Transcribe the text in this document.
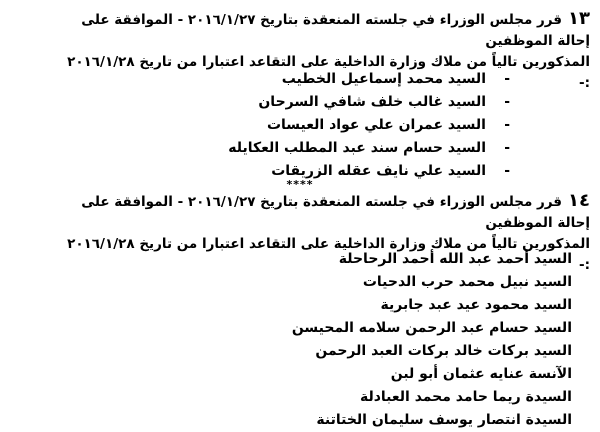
١٣قرر مجلس الوزراء في جلسته المنعقدة بتاريخ ٢٠١٦/١/٢٧ - الموافقة على إحالة الموظفين
المذكورين تالياً من ملاك وزارة الداخلية على التقاعد اعتبارا من تاريخ ٢٠١٦/١/٢٨ :-
-السيد محمد إسماعيل الخطيب
-السيد غالب خلف شافي السرحان
-السيد عمران علي عواد العيسات
-السيد حسام سند عبد المطلب العكايله
-السيد علي نايف عقله الزريقات
****
١٤قرر مجلس الوزراء في جلسته المنعقدة بتاريخ ٢٠١٦/١/٢٧ - الموافقة على إحالة الموظفين
المذكورين تالياً من ملاك وزارة الداخلية على التقاعد اعتبارا من تاريخ ٢٠١٦/١/٢٨ :-
السيد أحمد عبد الله أحمد الرحاحلة
السيد نبيل محمد حرب الدحيات
السيد محمود عيد عبد جابرية
السيد حسام عبد الرحمن سلامه المحيسن
السيد بركات خالد بركات العبد الرحمن
الآنسة عنايه عثمان أبو لبن
السيدة ريما حامد محمد العبادلة
السيدة انتصار يوسف سليمان الختاتنة
